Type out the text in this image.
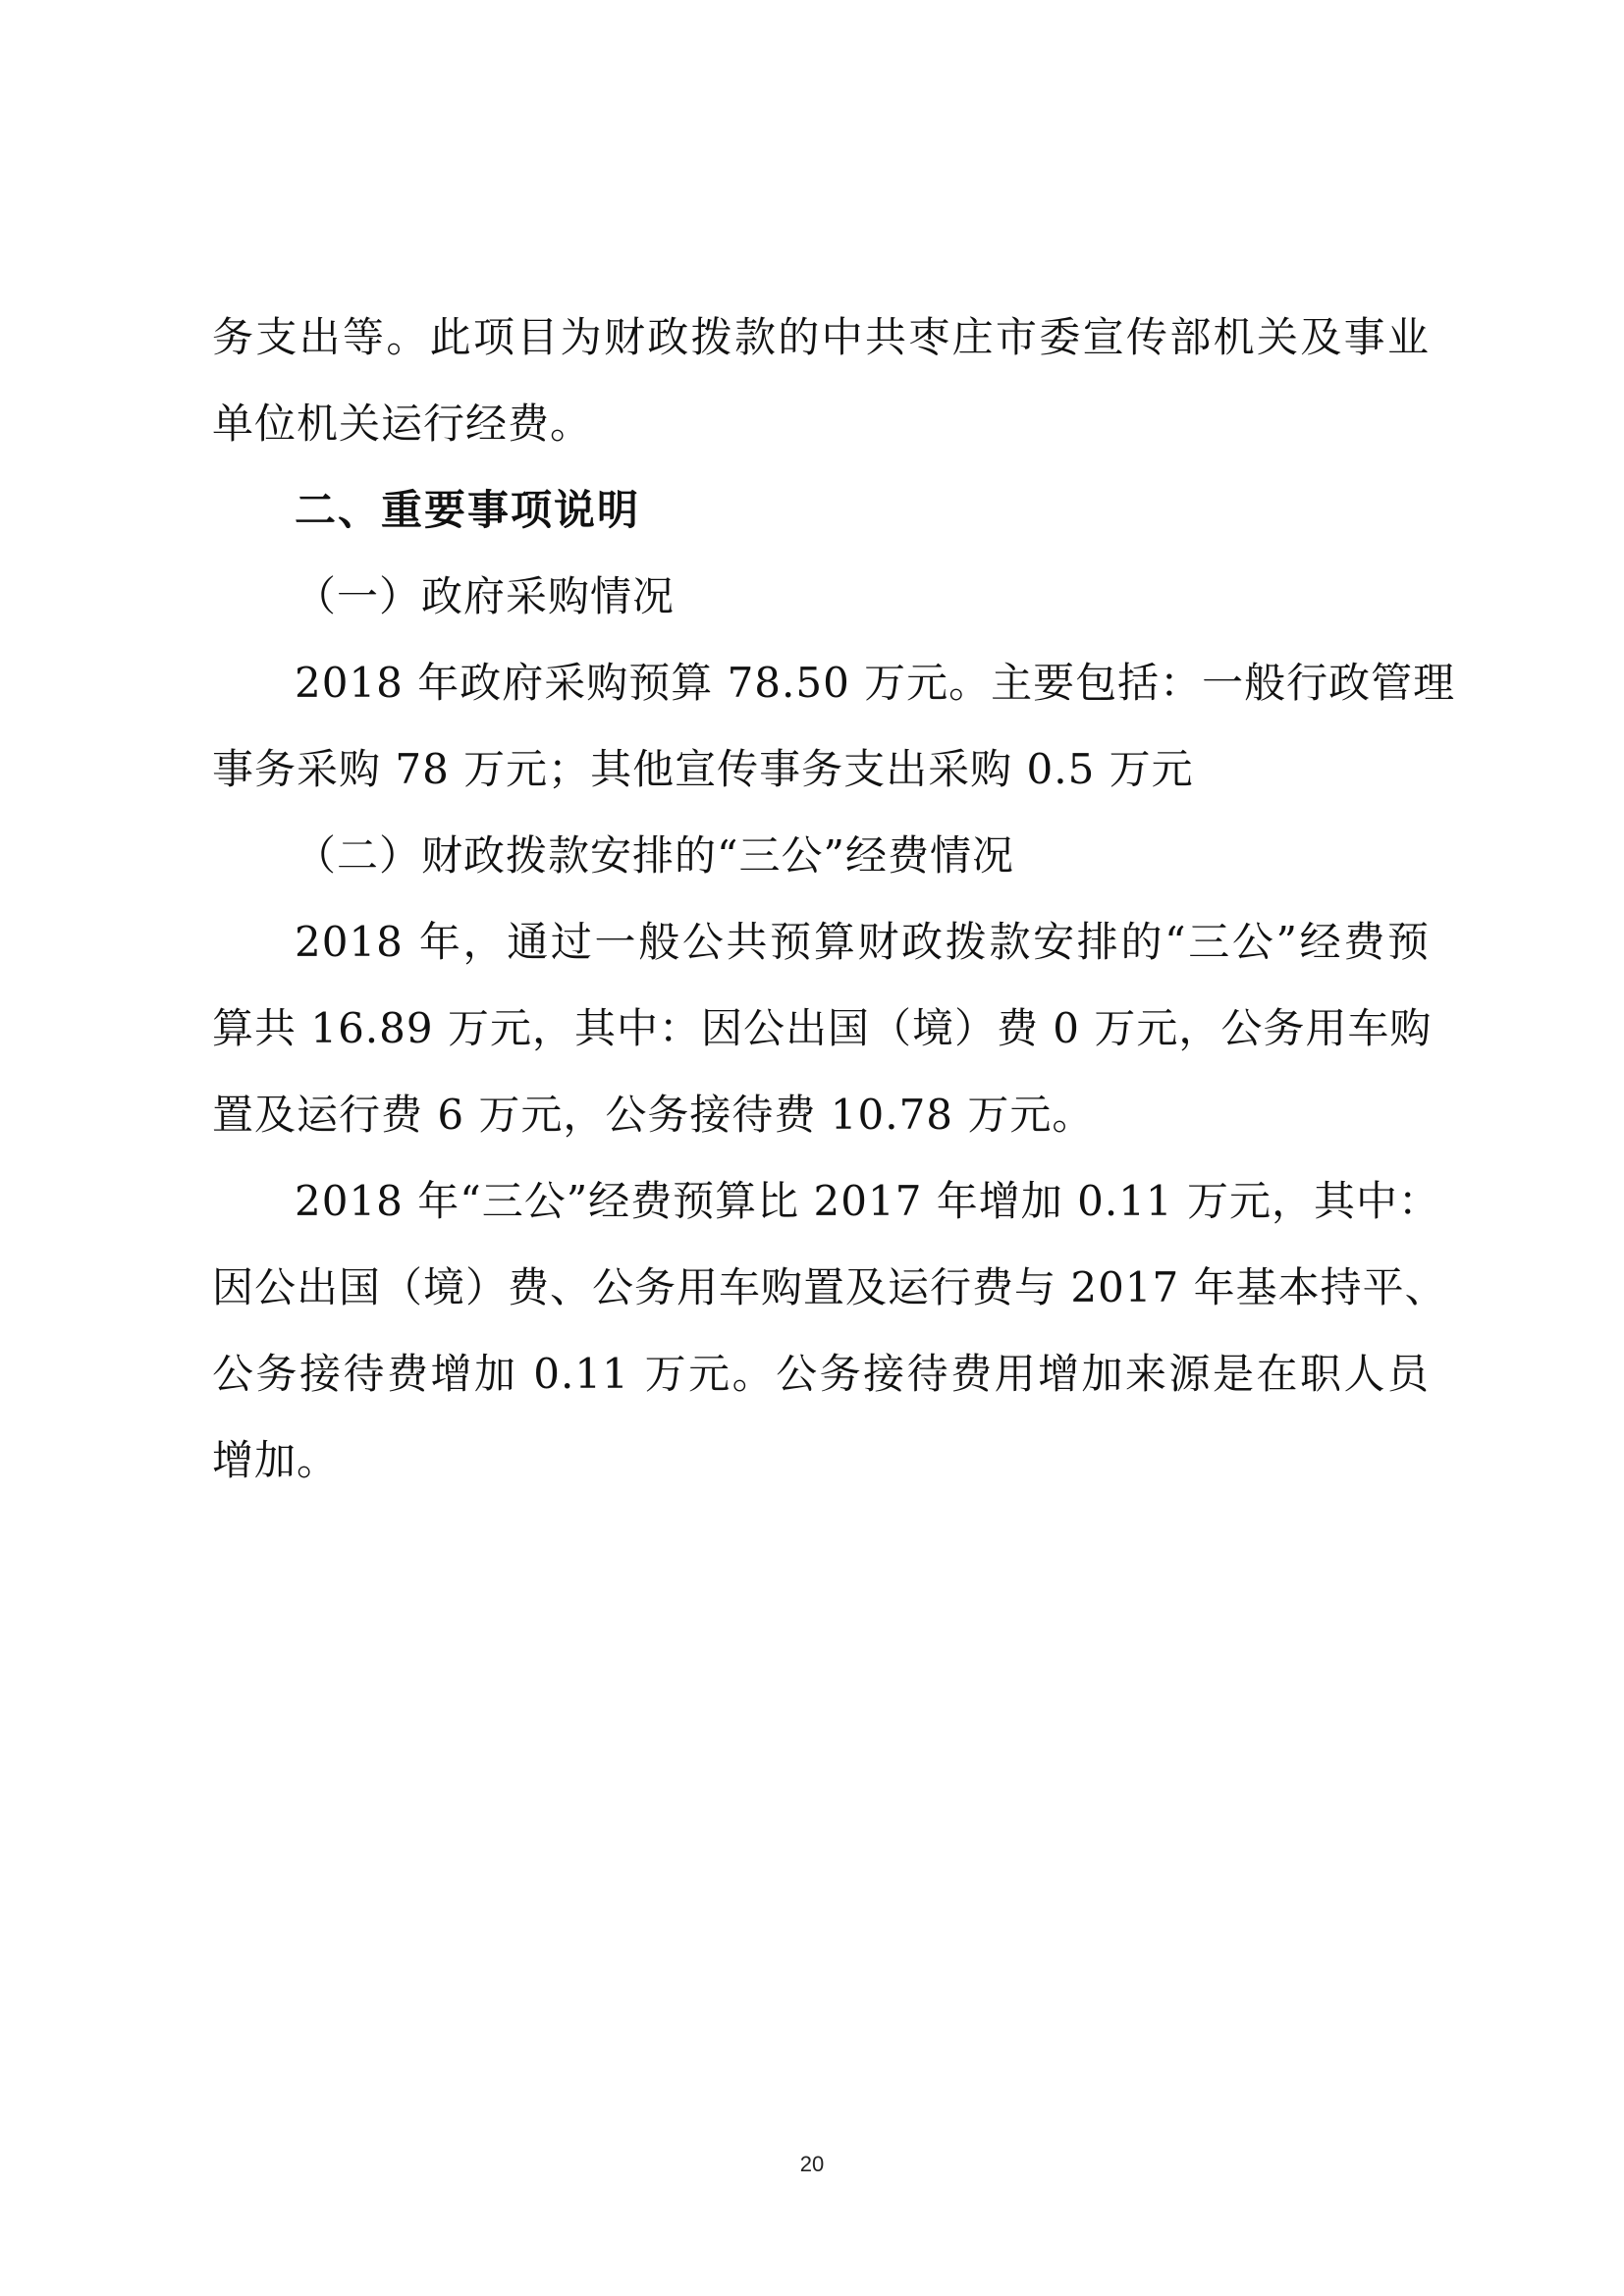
务支出等。此项目为财政拨款的中共枣庄市委宣传部机关及事业
单位机关运行经费。

二、重要事项说明

（一）政府采购情况

2018 年政府采购预算 78.50 万元。主要包括：一般行政管理
事务采购 78 万元；其他宣传事务支出采购 0.5 万元

（二）财政拨款安排的“三公”经费情况

2018 年，通过一般公共预算财政拨款安排的“三公”经费预
算共 16.89 万元，其中：因公出国（境）费 0 万元，公务用车购
置及运行费 6 万元，公务接待费 10.78 万元。

2018 年“三公”经费预算比 2017 年增加 0.11 万元，其中：
因公出国（境）费、公务用车购置及运行费与 2017 年基本持平、
公务接待费增加 0.11 万元。公务接待费用增加来源是在职人员
增加。

20
